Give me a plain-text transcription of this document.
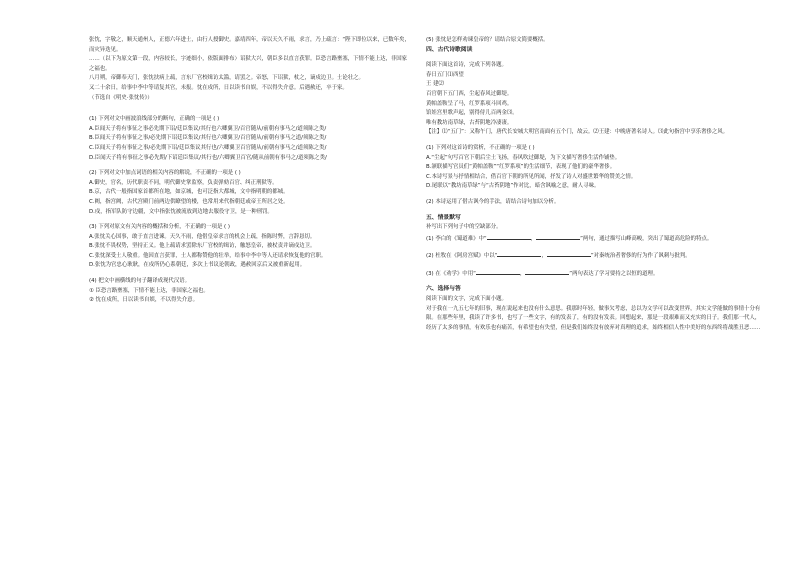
张忱，字敬之，顺天通州人，正德六年进士，由行人授御史。嘉靖四年，帝以天久不雨，求言，乃上疏言：“陛下即位以来，已数年矣，而灾异迭见。

……（以下为原文第一段，内容较长，字迹细小，依版面排布）诏狱大兴，朝臣多以直言获罪。臣恐言路壅塞，下情不能上达，非国家之福也。

八月朔，帝御奉天门，张忱扶病上疏，言东厂官校缉访太滥，请罢之。帝怒，下诏狱，杖之，谪戍边卫。士论壮之。

又二十余日，给事中李中等请复其官，未报。忱在戍所，日以读书自娱，不以得失介意。后遇赦还，卒于家。

（节选自《明史·张忱传》）

(1) 下列对文中画波浪线部分的断句，正确的一项是 ( )

A.臣闻天子将有事征之事必先期下诏/廷臣集议/其行也六卿翼卫/百官随从/前朝有事马之/道须陈之类/

B.臣闻天子将有事征之事/必先期下诏廷臣集议/其行也六卿翼卫/百官随从/前朝有事马之道/须陈之类/

C.臣闻天子将有事征之事/必先期下诏/廷臣集议其行也/六卿翼卫百官随从/前朝有事马之/道须陈之类/

D.臣闻天子将有事征之事必先期/下诏廷臣集议/其行也/六卿翼卫百官/随从前朝有事马之/道须陈之类/

(2) 下列对文中加点词语的相关内容的解说，不正确的一项是 ( )

A.御史，官名，历代职责不同，明代御史掌监察，负责弹劾百官、纠正刑狱等。

B.京，古代一般指国家首都所在地，如京城，也可泛指大都城，文中指明朝的都城。

C.阙，指宫阙，古代宫殿门前两边供瞭望的楼，也常用来代指朝廷或帝王所居之处。

D.戍，指军队防守边疆，文中指张忱被流放到边地去服役守卫，是一种刑罚。

(3) 下列对原文有关内容的概括和分析，不正确的一项是 ( )

A.张忱关心国事，敢于直言进谏。天久不雨，他借皇帝求言的机会上疏，指陈时弊，言辞恳切。

B.张忱不畏权势，坚持正义。他上疏请求罢除东厂官校的缉访，触怒皇帝，被杖责并谪戍边卫。

C.张忱深受士人敬重。他因直言获罪，士人都称赞他的壮举，给事中李中等人还请求恢复他的官职。

D.张忱为官忠心耿耿，在戍所仍心系朝廷，多次上书议论朝政，遇赦回京后又被重新起用。

(4) 把文中画横线的句子翻译成现代汉语。

① 臣恐言路壅塞，下情不能上达，非国家之福也。

② 忱在戍所，日以读书自娱，不以得失介意。

(5) 张忱是怎样劝谏皇帝的？请结合原文简要概括。

四、古代诗歌阅读

阅读下面这首诗，完成下列各题。

春日五门⑴西望

王 建⑵

百官朝下五门西，尘起春风过御堤。

黄帕盖鞍呈了马，红罗系项斗回鸡。

馆娃宫里歌声起，别得侍儿百两金⑶。

唯有教坊南草绿，古苔阴地冷凄凄。

【注】⑴“五门”：又称午门，唐代长安城大明宫南面有五个门，故云。⑵王建：中晚唐著名诗人。⑶此句指宫中享乐奢侈之风。

(1) 下列对这首诗的赏析，不正确的一项是 ( )

A.“尘起”句写百官下朝后尘土飞扬，春风吹过御堤，为下文描写奢侈生活作铺垫。

B.颔联描写官员们“黄帕盖鞍”“红罗系项”的生活细节，表现了他们的豪华奢侈。

C.本诗写景与抒情相结合，借百官下朝的所见所闻，抒发了诗人对盛世繁华的赞美之情。

D.尾联以“教坊南草绿”与“古苔阴地”作对比，暗含讽喻之意，耐人寻味。

(2) 本诗运用了借古讽今的手法，请结合诗句加以分析。

五、情景默写

补写出下列句子中的空缺部分。

(1) 李白的《蜀道难》中“	，	”两句，通过描写山峰高峻，突出了蜀道高危险的特点。

(2) 杜牧在《阿房宫赋》中以“	，	”对秦统治者奢侈的行为作了讽刺与批判。

(3) 在《劝学》中用“	，	”两句表达了学习要持之以恒的道理。

六、选择与答

阅读下面的文字，完成下面小题。

对于我在一九五七年的旧事，现在说起来也没有什么意思。我那时年轻，做事欠考虑，总以为文学可以改变世界，其实文学能做的事情十分有限。在那些年里，我读了许多书，也写了一些文字，有的发表了，有的没有发表。回想起来，那是一段艰难而又充实的日子。我们那一代人，经历了太多的事情，有欢乐也有痛苦，有希望也有失望，但是我们始终没有放弃对真理的追求，始终相信人性中美好的东西终将战胜丑恶……
